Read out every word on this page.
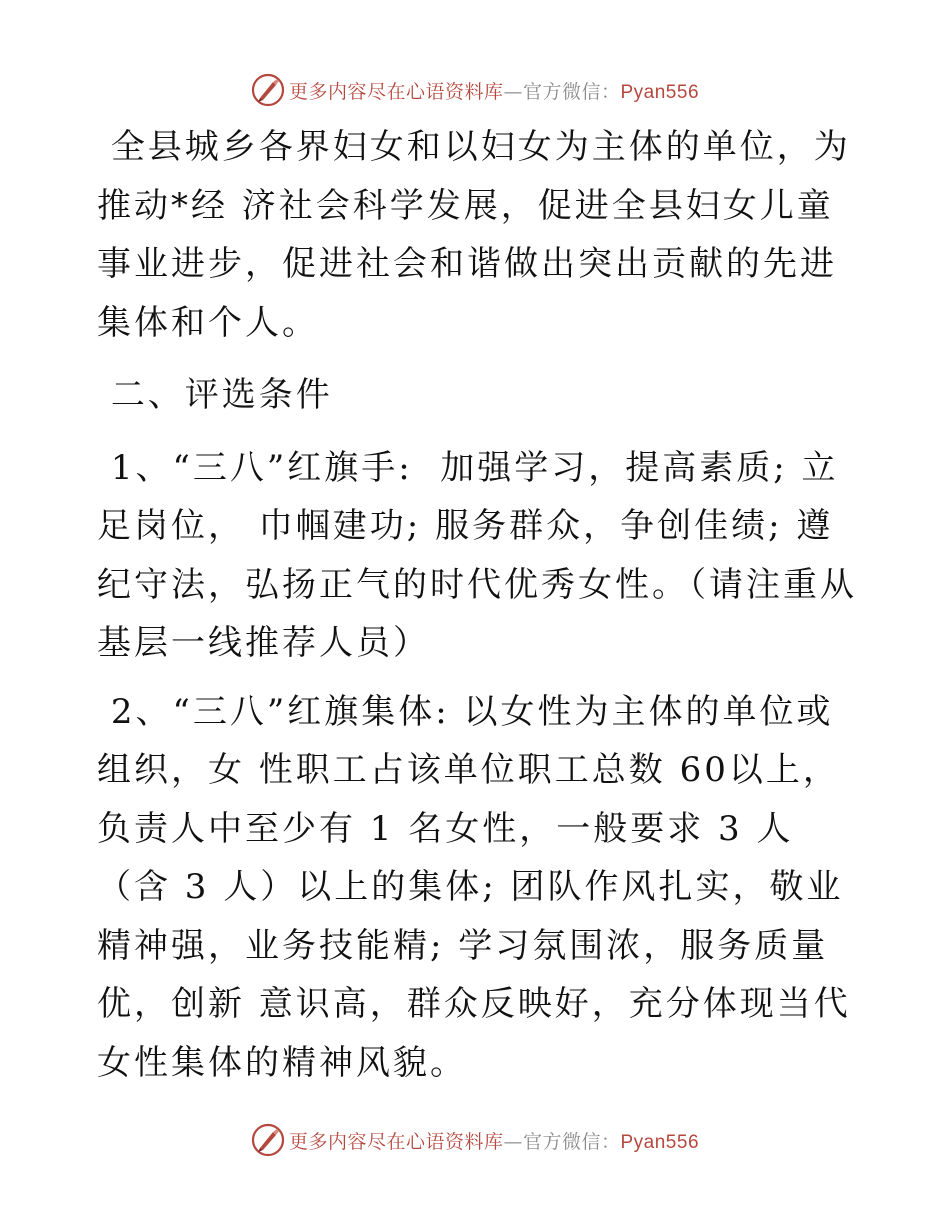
更多内容尽在心语资料库—官方微信：Pyan556

全县城乡各界妇女和以妇女为主体的单位，为推动*经 济社会科学发展，促进全县妇女儿童事业进步，促进社会和谐做出突出贡献的先进集体和个人。

二、评选条件

1、“三八”红旗手:  加强学习，提高素质; 立足岗位， 巾帼建功; 服务群众，争创佳绩; 遵纪守法，弘扬正气的时代优秀女性。（请注重从基层一线推荐人员）

2、“三八”红旗集体: 以女性为主体的单位或组织，女 性职工占该单位职工总数 60以上，负责人中至少有 1 名女性，一般要求 3 人（含 3 人）以上的集体; 团队作风扎实，敬业精神强，业务技能精; 学习氛围浓，服务质量优，创新 意识高，群众反映好，充分体现当代女性集体的精神风貌。

更多内容尽在心语资料库—官方微信：Pyan556
